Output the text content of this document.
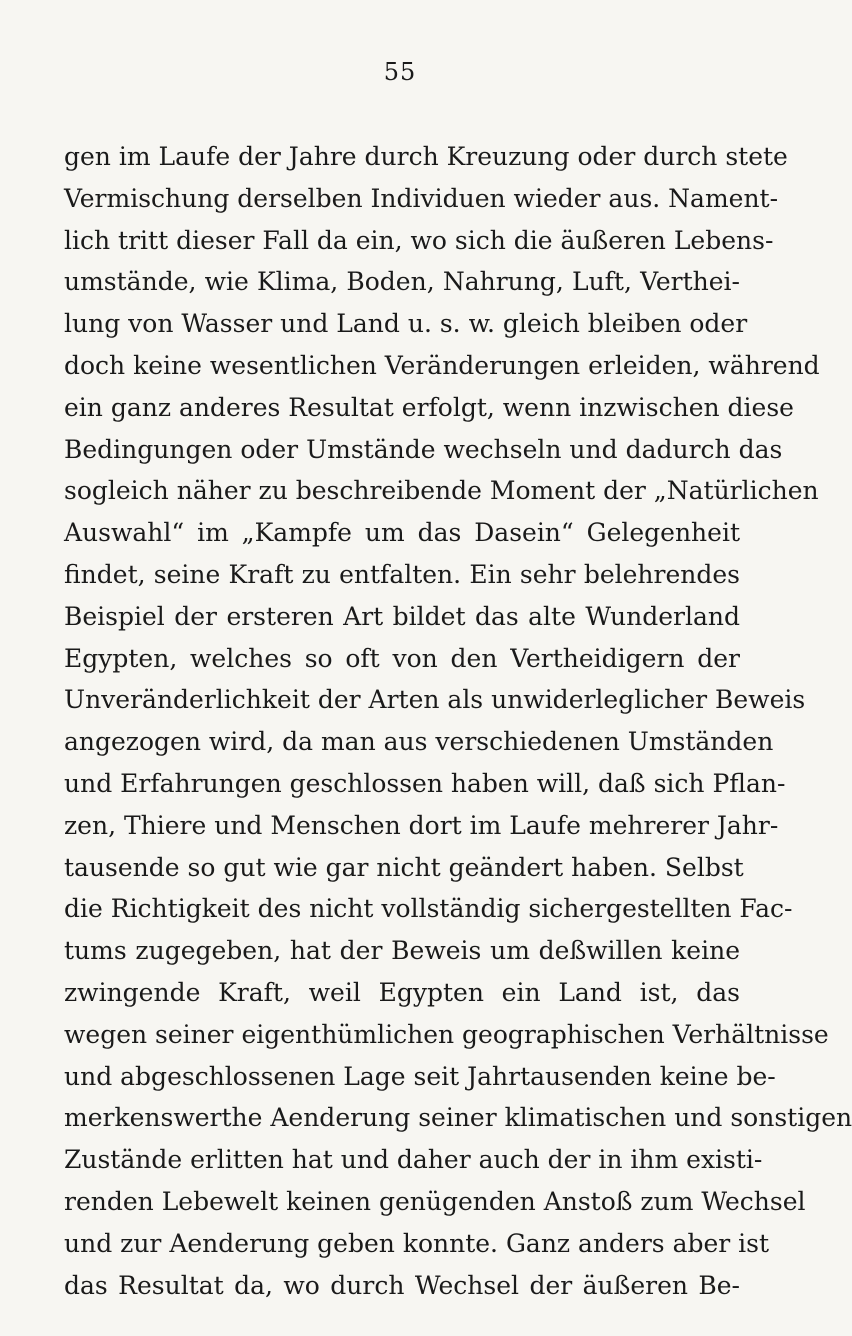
55
gen im Laufe der Jahre durch Kreuzung oder durch stete
Vermischung derselben Individuen wieder aus. Nament-
lich tritt dieser Fall da ein, wo sich die äußeren Lebens-
umstände, wie Klima, Boden, Nahrung, Luft, Verthei-
lung von Wasser und Land u. s. w. gleich bleiben oder
doch keine wesentlichen Veränderungen erleiden, während
ein ganz anderes Resultat erfolgt, wenn inzwischen diese
Bedingungen oder Umstände wechseln und dadurch das
sogleich näher zu beschreibende Moment der „Natürlichen
Auswahl“ im „Kampfe um das Dasein“ Gelegenheit
findet, seine Kraft zu entfalten. Ein sehr belehrendes
Beispiel der ersteren Art bildet das alte Wunderland
Egypten, welches so oft von den Vertheidigern der
Unveränderlichkeit der Arten als unwiderleglicher Beweis
angezogen wird, da man aus verschiedenen Umständen
und Erfahrungen geschlossen haben will, daß sich Pflan-
zen, Thiere und Menschen dort im Laufe mehrerer Jahr-
tausende so gut wie gar nicht geändert haben. Selbst
die Richtigkeit des nicht vollständig sichergestellten Fac-
tums zugegeben, hat der Beweis um deßwillen keine
zwingende Kraft, weil Egypten ein Land ist, das
wegen seiner eigenthümlichen geographischen Verhältnisse
und abgeschlossenen Lage seit Jahrtausenden keine be-
merkenswerthe Aenderung seiner klimatischen und sonstigen
Zustände erlitten hat und daher auch der in ihm existi-
renden Lebewelt keinen genügenden Anstoß zum Wechsel
und zur Aenderung geben konnte. Ganz anders aber ist
das Resultat da, wo durch Wechsel der äußeren Be-
